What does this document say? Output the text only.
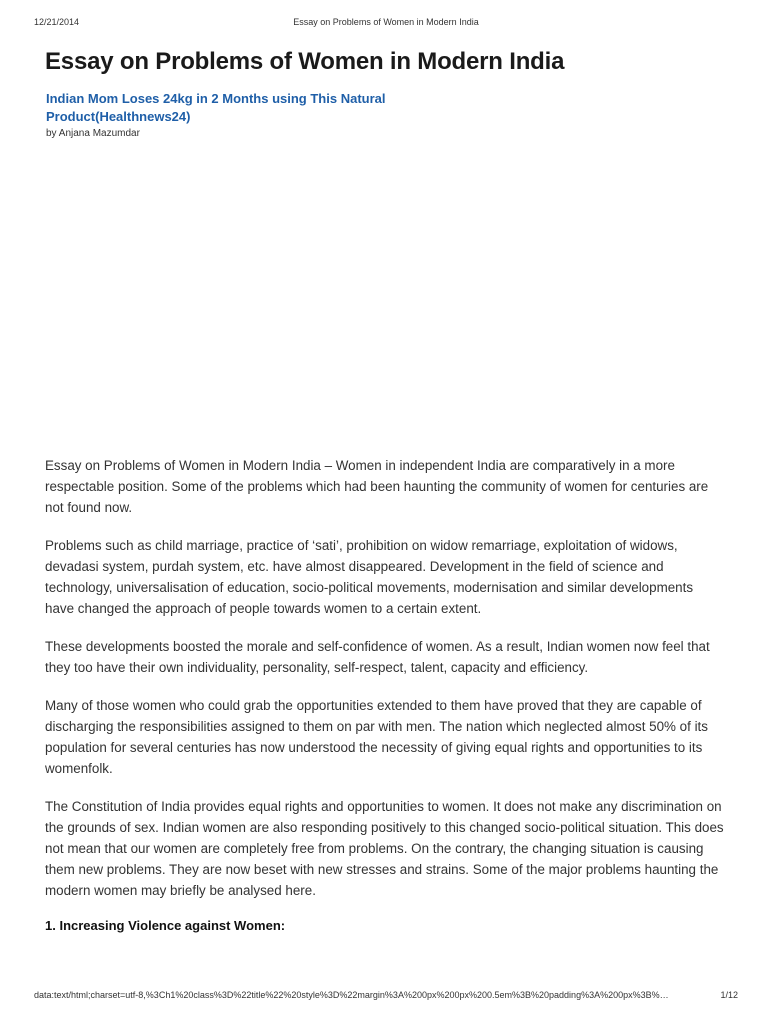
12/21/2014	Essay on Problems of Women in Modern India
Essay on Problems of Women in Modern India
Indian Mom Loses 24kg in 2 Months using This Natural Product(Healthnews24)
by Anjana Mazumdar

Essay on Problems of Women in Modern India – Women in independent India are comparatively in a more respectable position. Some of the problems which had been haunting the community of women for centuries are not found now.

Problems such as child marriage, practice of ‘sati’, prohibition on widow remarriage, exploitation of widows, devadasi system, purdah system, etc. have almost disappeared. Development in the field of science and technology, universalisation of education, socio-political movements, modernisation and similar developments have changed the approach of people towards women to a certain extent.

These developments boosted the morale and self-confidence of women. As a result, Indian women now feel that they too have their own individuality, personality, self-respect, talent, capacity and efficiency.

Many of those women who could grab the opportunities extended to them have proved that they are capable of discharging the responsibilities assigned to them on par with men. The nation which neglected almost 50% of its population for several centuries has now understood the necessity of giving equal rights and opportunities to its womenfolk.

The Constitution of India provides equal rights and opportunities to women. It does not make any discrimination on the grounds of sex. Indian women are also responding positively to this changed socio-political situation. This does not mean that our women are completely free from problems. On the contrary, the changing situation is causing them new problems. They are now beset with new stresses and strains. Some of the major problems haunting the modern women may briefly be analysed here.

1. Increasing Violence against Women:
data:text/html;charset=utf-8,%3Ch1%20class%3D%22title%22%20style%3D%22margin%3A%200px%200px%200.5em%3B%20padding%3A%200px%3B%…	1/12
